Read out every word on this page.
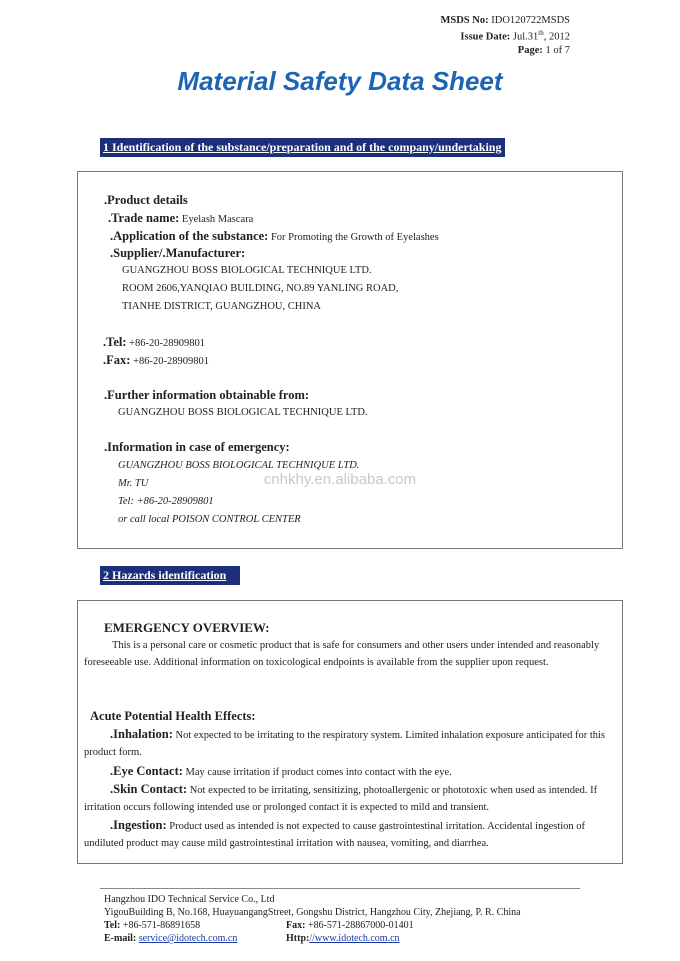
MSDS No: IDO120722MSDS
Issue Date: Jul.31th, 2012
Page: 1 of 7
Material Safety Data Sheet
1 Identification of the substance/preparation and of the company/undertaking
.Product details
.Trade name: Eyelash Mascara
.Application of the substance: For Promoting the Growth of Eyelashes
.Supplier/.Manufacturer:
GUANGZHOU BOSS BIOLOGICAL TECHNIQUE LTD.
ROOM 2606,YANQIAO BUILDING, NO.89 YANLING ROAD,
TIANHE DISTRICT, GUANGZHOU, CHINA
.Tel: +86-20-28909801
.Fax: +86-20-28909801
.Further information obtainable from:
GUANGZHOU BOSS BIOLOGICAL TECHNIQUE LTD.
.Information in case of emergency:
GUANGZHOU BOSS BIOLOGICAL TECHNIQUE LTD.
Mr. TU
Tel: +86-20-28909801
or call local POISON CONTROL CENTER
cnhkhy.en.alibaba.com
2 Hazards identification
EMERGENCY OVERVIEW:
This is a personal care or cosmetic product that is safe for consumers and other users under intended and reasonably foreseeable use. Additional information on toxicological endpoints is available from the supplier upon request.
Acute Potential Health Effects:
.Inhalation: Not expected to be irritating to the respiratory system. Limited inhalation exposure anticipated for this product form.
.Eye Contact: May cause irritation if product comes into contact with the eye.
.Skin Contact: Not expected to be irritating, sensitizing, photoallergenic or phototoxic when used as intended. If irritation occurs following intended use or prolonged contact it is expected to mild and transient.
.Ingestion: Product used as intended is not expected to cause gastrointestinal irritation. Accidental ingestion of undiluted product may cause mild gastrointestinal irritation with nausea, vomiting, and diarrhea.
Hangzhou IDO Technical Service Co., Ltd
YigouBuilding B, No.168, HuayuangangStreet, Gongshu District, Hangzhou City, Zhejiang, P. R. China
Tel: +86-571-86891658	Fax: +86-571-28867000-01401
E-mail: service@idotech.com.cn	Http://www.idotech.com.cn
